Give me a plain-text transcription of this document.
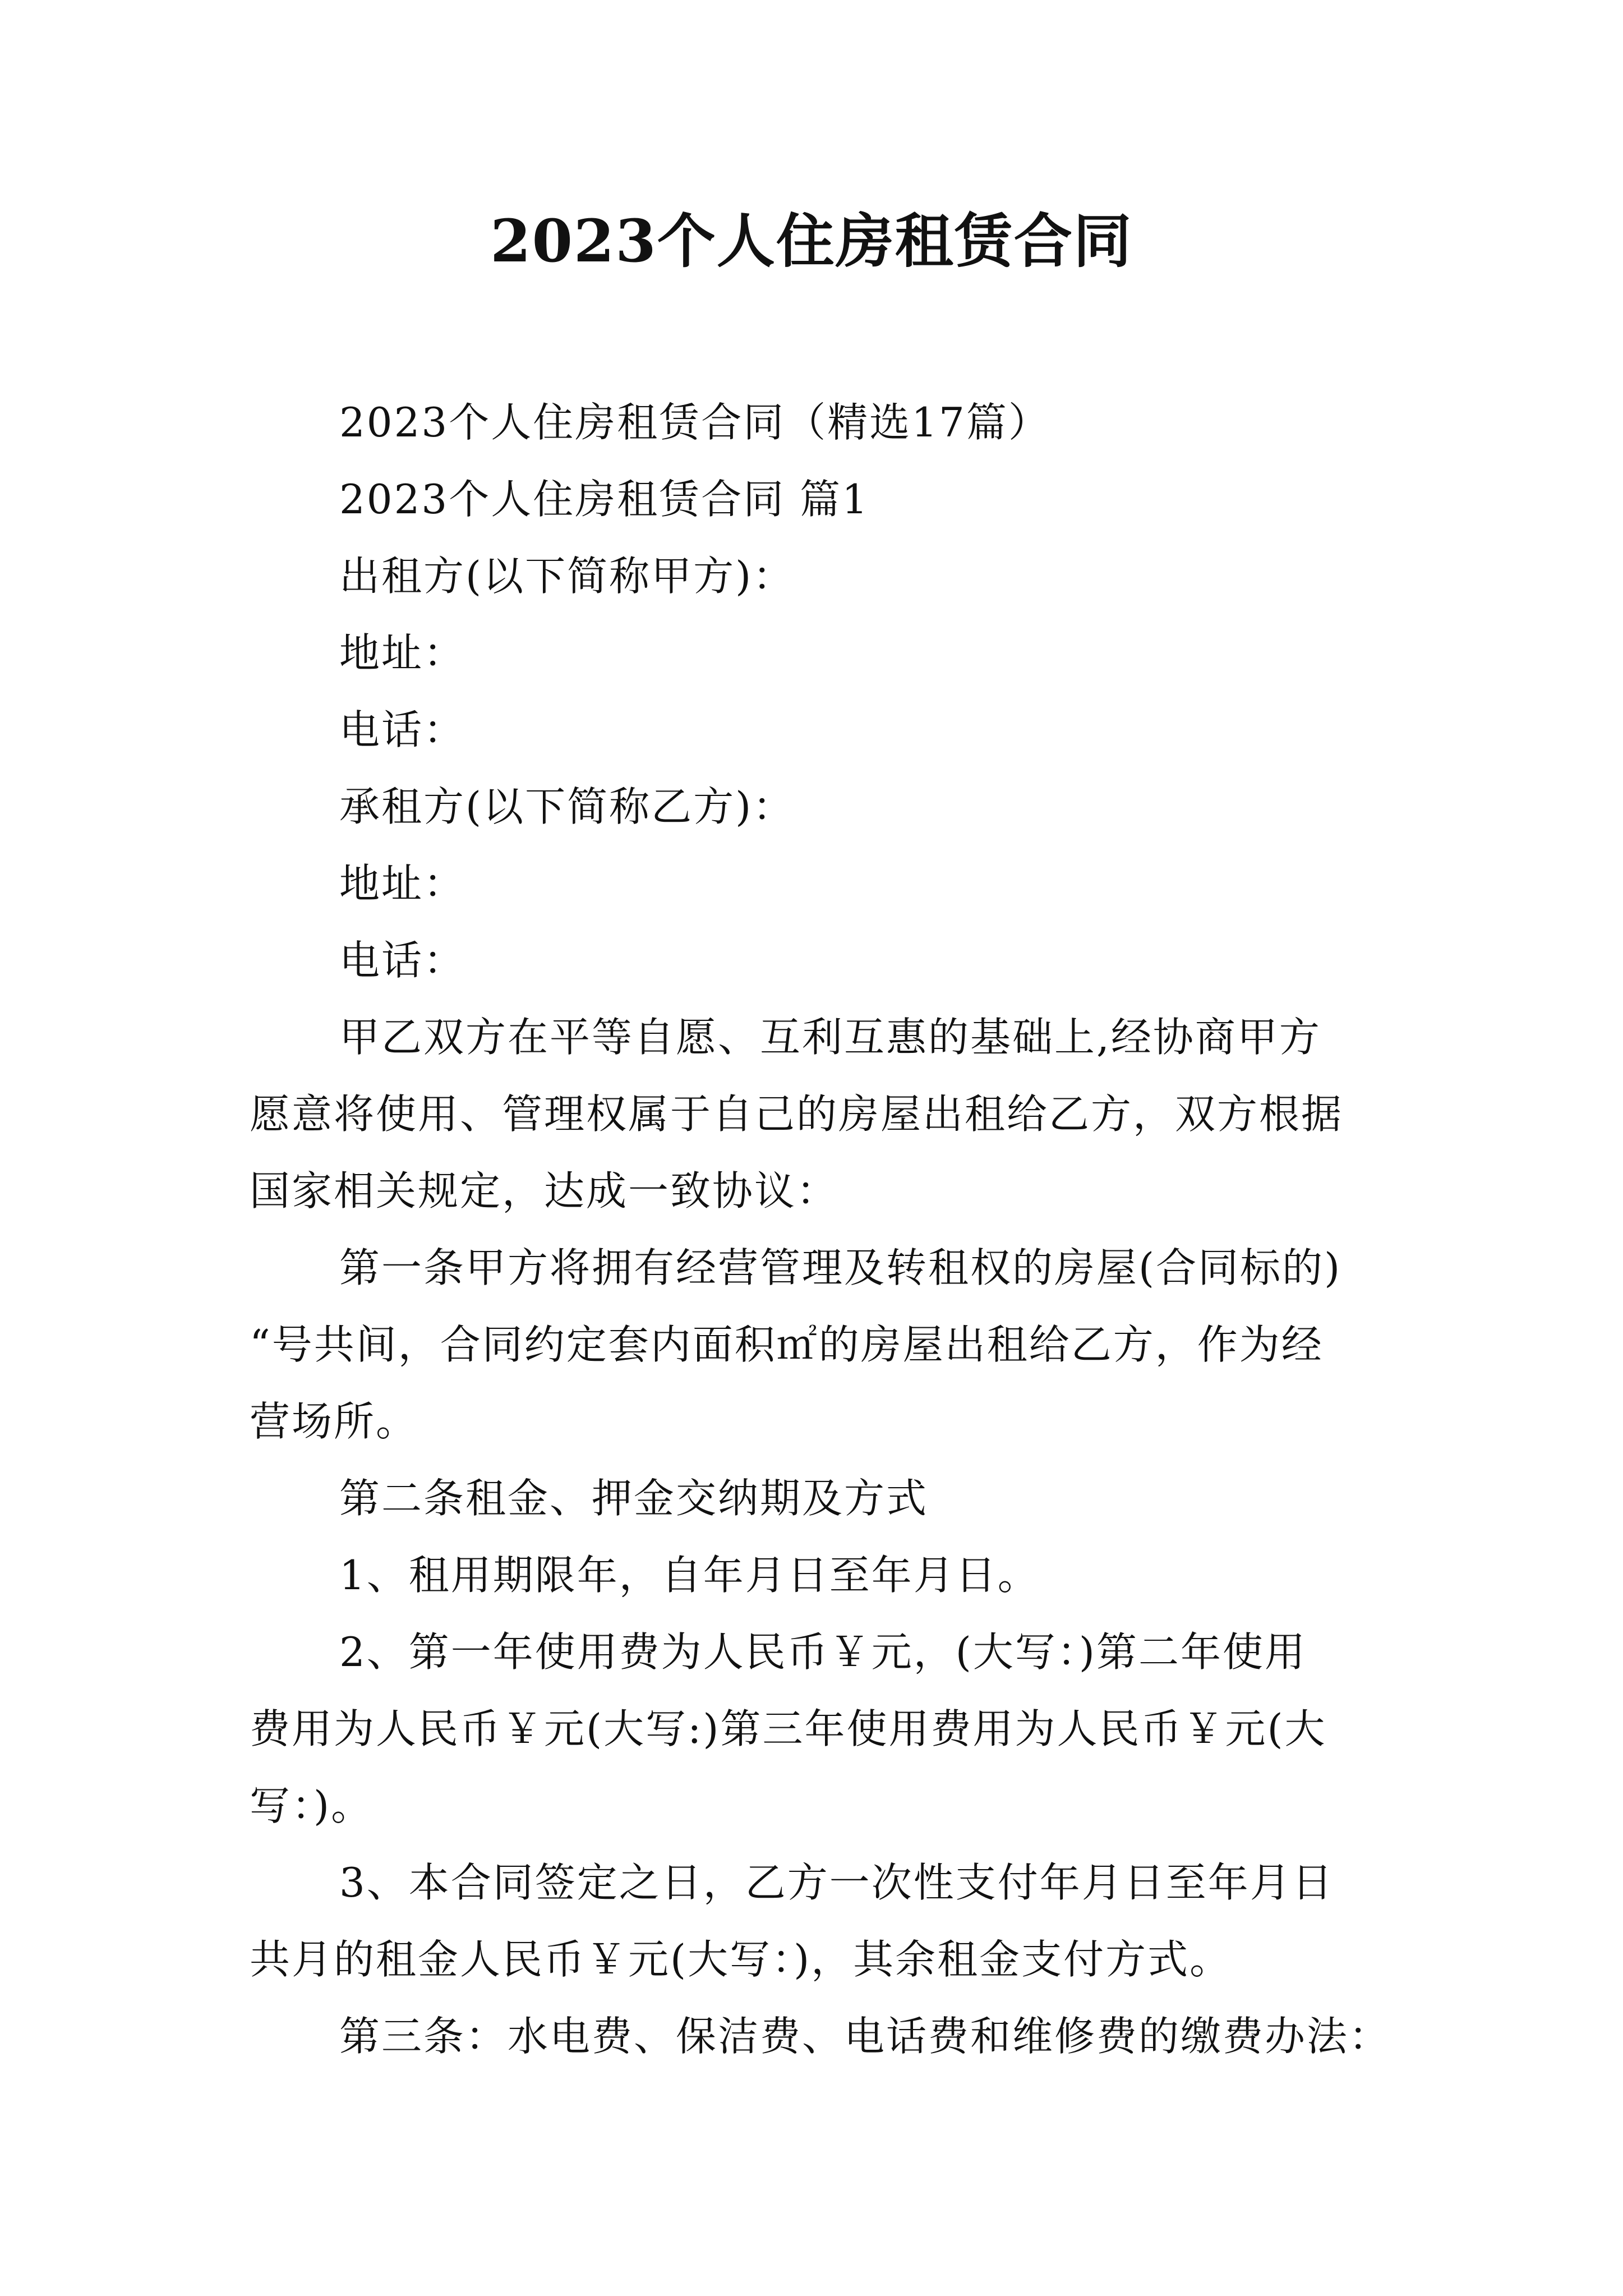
2023个人住房租赁合同
2023个人住房租赁合同（精选17篇）
2023个人住房租赁合同 篇1
出租方(以下简称甲方)：
地址：
电话：
承租方(以下简称乙方)：
地址：
电话：
甲乙双方在平等自愿、互利互惠的基础上,经协商甲方
愿意将使用、管理权属于自己的房屋出租给乙方，双方根据
国家相关规定，达成一致协议：
第一条甲方将拥有经营管理及转租权的房屋(合同标的)
“号共间，合同约定套内面积㎡的房屋出租给乙方，作为经
营场所。
第二条租金、押金交纳期及方式
1、租用期限年，自年月日至年月日。
2、第一年使用费为人民币￥元，(大写：)第二年使用
费用为人民币￥元(大写:)第三年使用费用为人民币￥元(大
写：)。
3、本合同签定之日，乙方一次性支付年月日至年月日
共月的租金人民币￥元(大写：)，其余租金支付方式。
第三条：水电费、保洁费、电话费和维修费的缴费办法：
